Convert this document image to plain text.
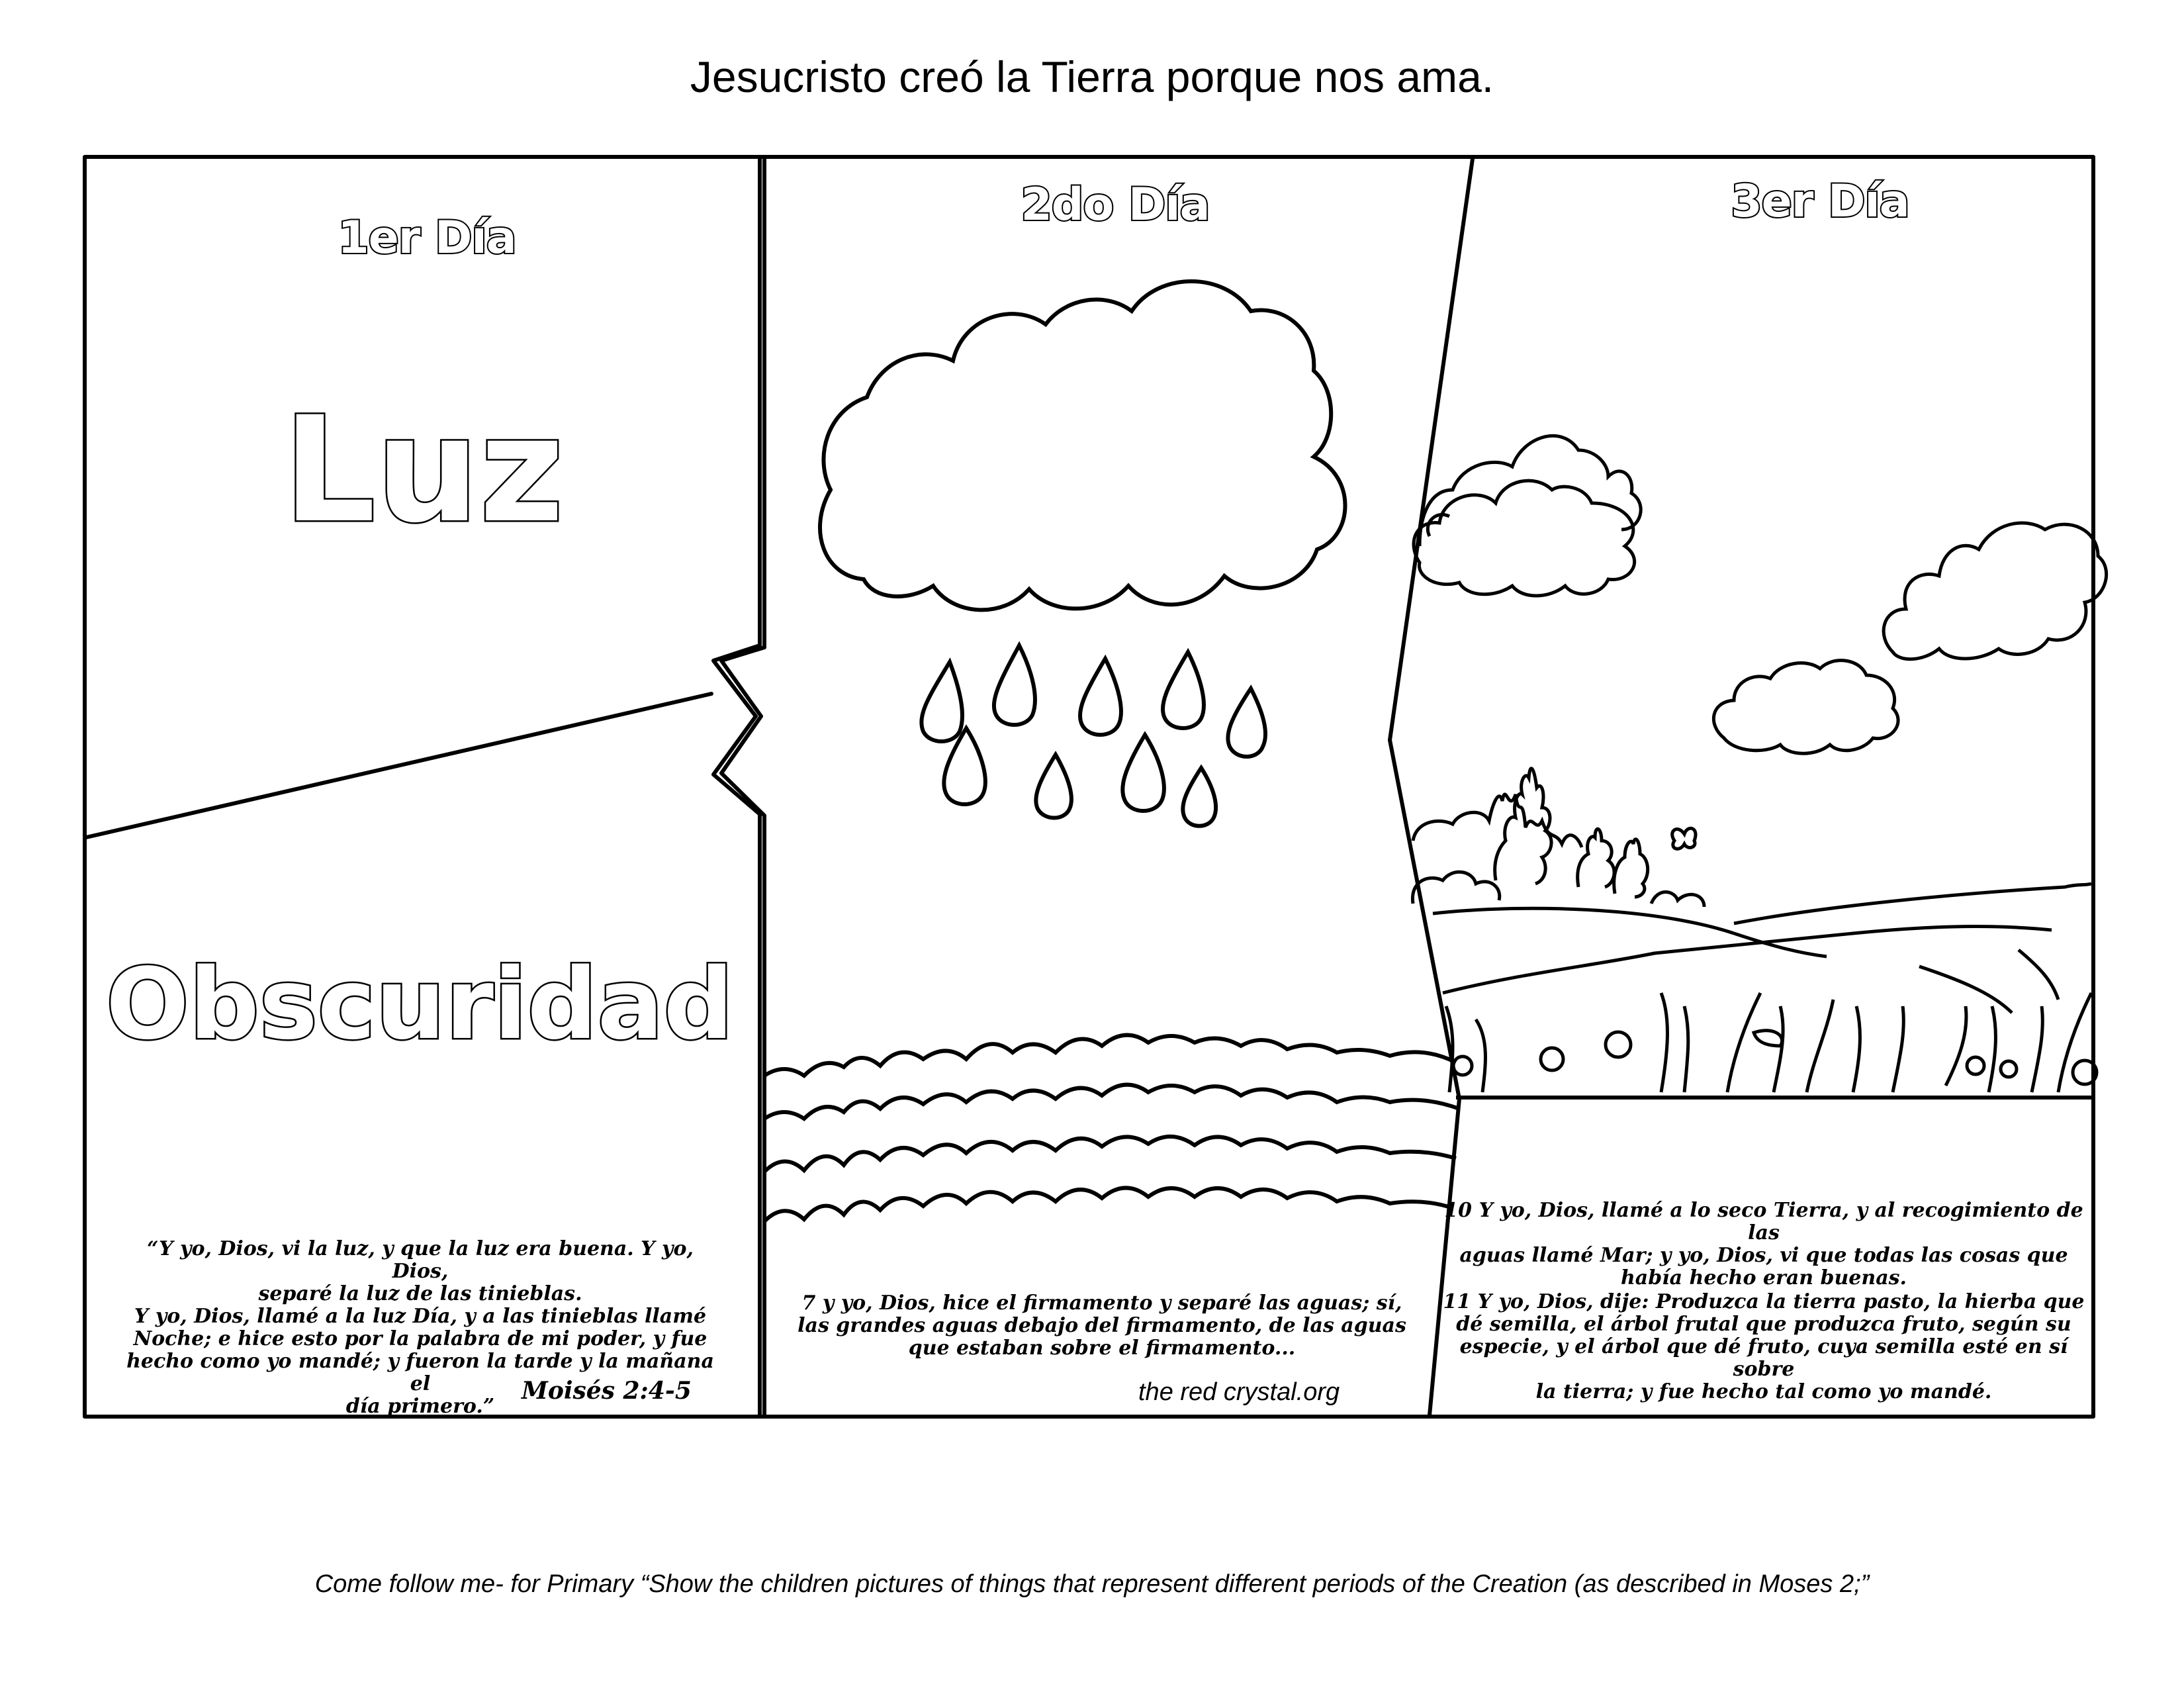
Jesucristo creó la Tierra porque nos ama.
1er Día
2do Día	3er Día
Luz
Obscuridad
“Y yo, Dios, vi la luz, y que la luz era buena. Y yo, Dios,
separé la luz de las tinieblas.
Y yo, Dios, llamé a la luz Día, y a las tinieblas llamé
Noche; e hice esto por la palabra de mi poder, y fue
hecho como yo mandé; y fueron la tarde y la mañana el
día primero.”
Moisés 2:4-5
7 y yo, Dios, hice el firmamento y separé las aguas; sí,
las grandes aguas debajo del firmamento, de las aguas
que estaban sobre el firmamento...
the red crystal.org
10 Y yo, Dios, llamé a lo seco Tierra, y al recogimiento de las
aguas llamé Mar; y yo, Dios, vi que todas las cosas que
había hecho eran buenas.
11 Y yo, Dios, dije: Produzca la tierra pasto, la hierba que
dé semilla, el árbol frutal que produzca fruto, según su
especie, y el árbol que dé fruto, cuya semilla esté en sí sobre
la tierra; y fue hecho tal como yo mandé.
Come follow me- for Primary “Show the children pictures of things that represent different periods of the Creation (as described in Moses 2;”
